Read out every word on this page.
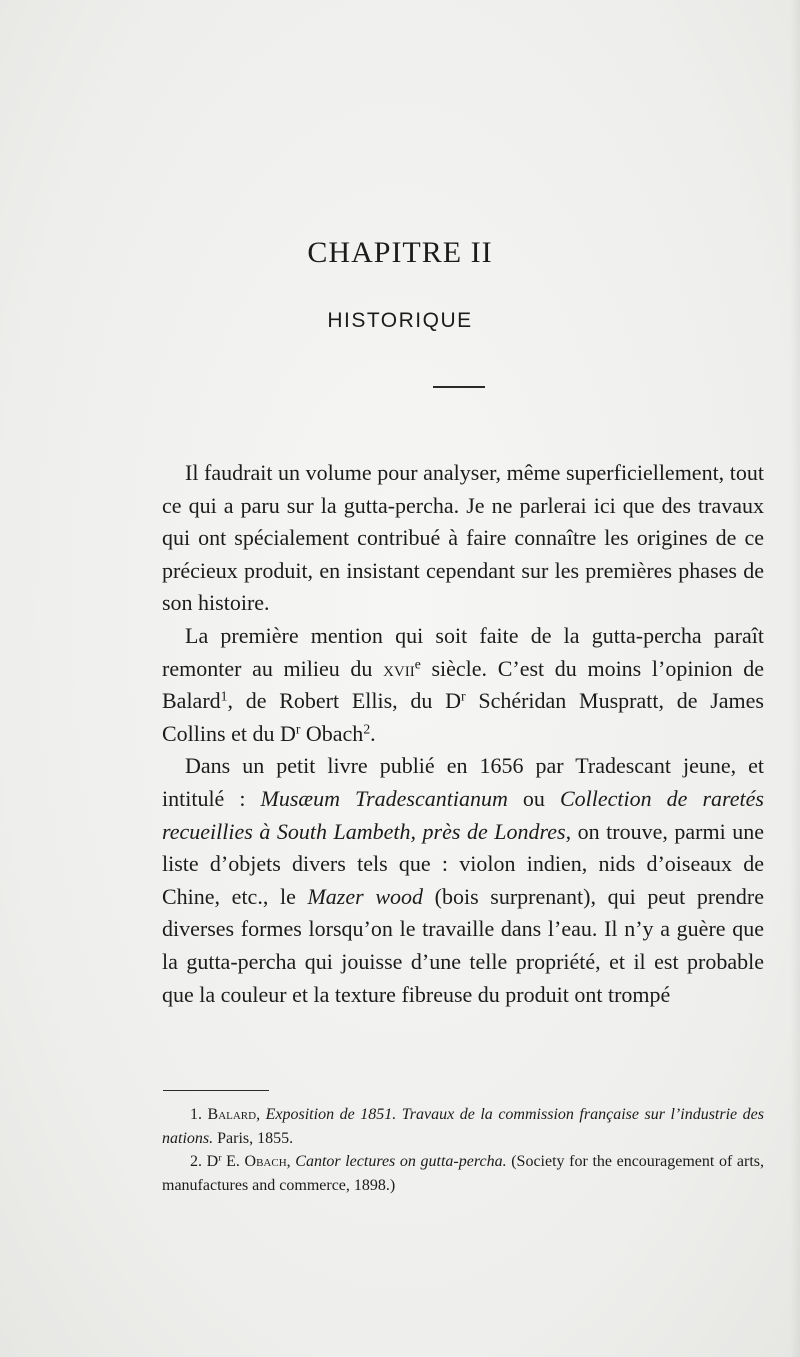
CHAPITRE II
HISTORIQUE

Il faudrait un volume pour analyser, même superficiellement, tout ce qui a paru sur la gutta-percha. Je ne parlerai ici que des travaux qui ont spécialement contribué à faire connaître les origines de ce précieux produit, en insistant cependant sur les premières phases de son histoire.

La première mention qui soit faite de la gutta-percha paraît remonter au milieu du xvii$^e$ siècle. C’est du moins l’opinion de Balard$^1$, de Robert Ellis, du $D^r$ Schéridan Muspratt, de James Collins et du $D^r$ Obach$^2$.

Dans un petit livre publié en 1656 par Tradescant jeune, et intitulé : Musæum Tradescantianum ou Collection de raretés recueillies à South Lambeth, près de Londres, on trouve, parmi une liste d’objets divers tels que : violon indien, nids d’oiseaux de Chine, etc., le Mazer wood (bois surprenant), qui peut prendre diverses formes lorsqu’on le travaille dans l’eau. Il n’y a guère que la gutta-percha qui jouisse d’une telle propriété, et il est probable que la couleur et la texture fibreuse du produit ont trompé

1. Balard, Exposition de 1851. Travaux de la commission française sur l’industrie des nations. Paris, 1855.

2. $D^r$ E. Obach, Cantor lectures on gutta-percha. (Society for the encouragement of arts, manufactures and commerce, 1898.)
